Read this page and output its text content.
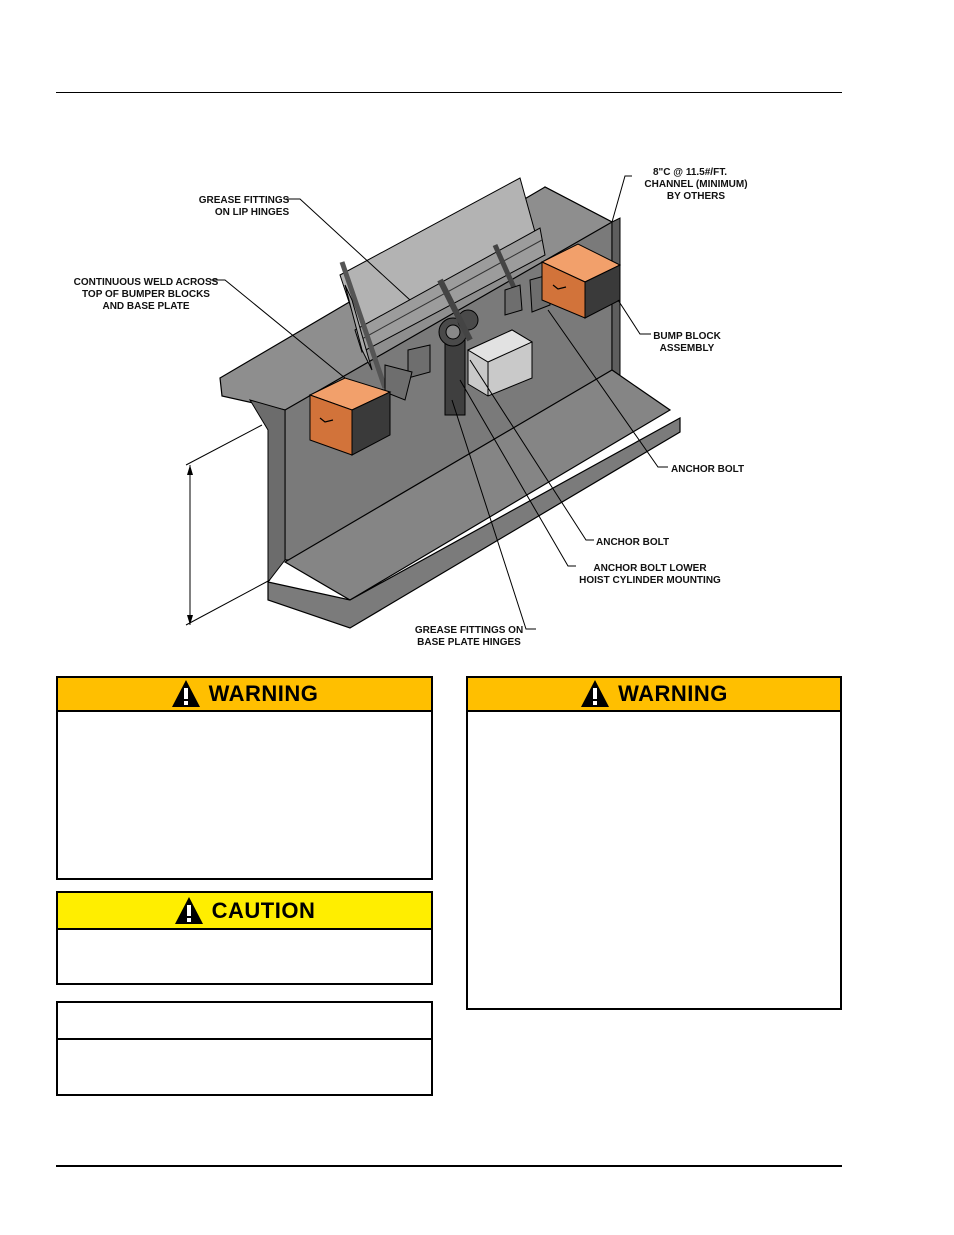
8"C @ 11.5#/FT.
CHANNEL (MINIMUM)
BY OTHERS
GREASE FITTINGS
ON LIP HINGES
CONTINUOUS WELD ACROSS
TOP OF BUMPER BLOCKS
AND BASE PLATE
BUMP BLOCK
ASSEMBLY
ANCHOR BOLT
ANCHOR BOLT
ANCHOR BOLT LOWER
HOIST CYLINDER MOUNTING
GREASE FITTINGS ON
BASE PLATE HINGES
WARNING
CAUTION
WARNING
